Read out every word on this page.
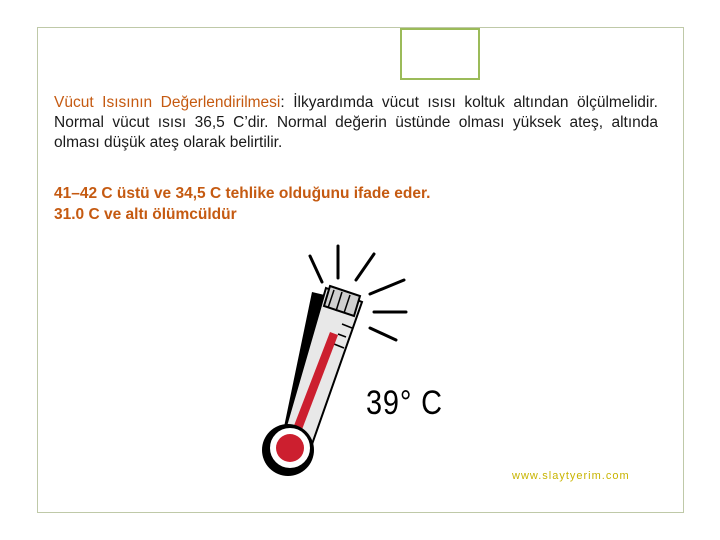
Vücut Isısının Değerlendirilmesi: İlkyardımda vücut ısısı koltuk altından ölçülmelidir. Normal vücut ısısı 36,5 C’dir. Normal değerin üstünde olması yüksek ateş, altında olması düşük ateş olarak belirtilir.
41–42 C üstü ve 34,5 C tehlike olduğunu ifade eder.
31.0 C ve altı ölümcüldür
39° C
www.slaytyerim.com
